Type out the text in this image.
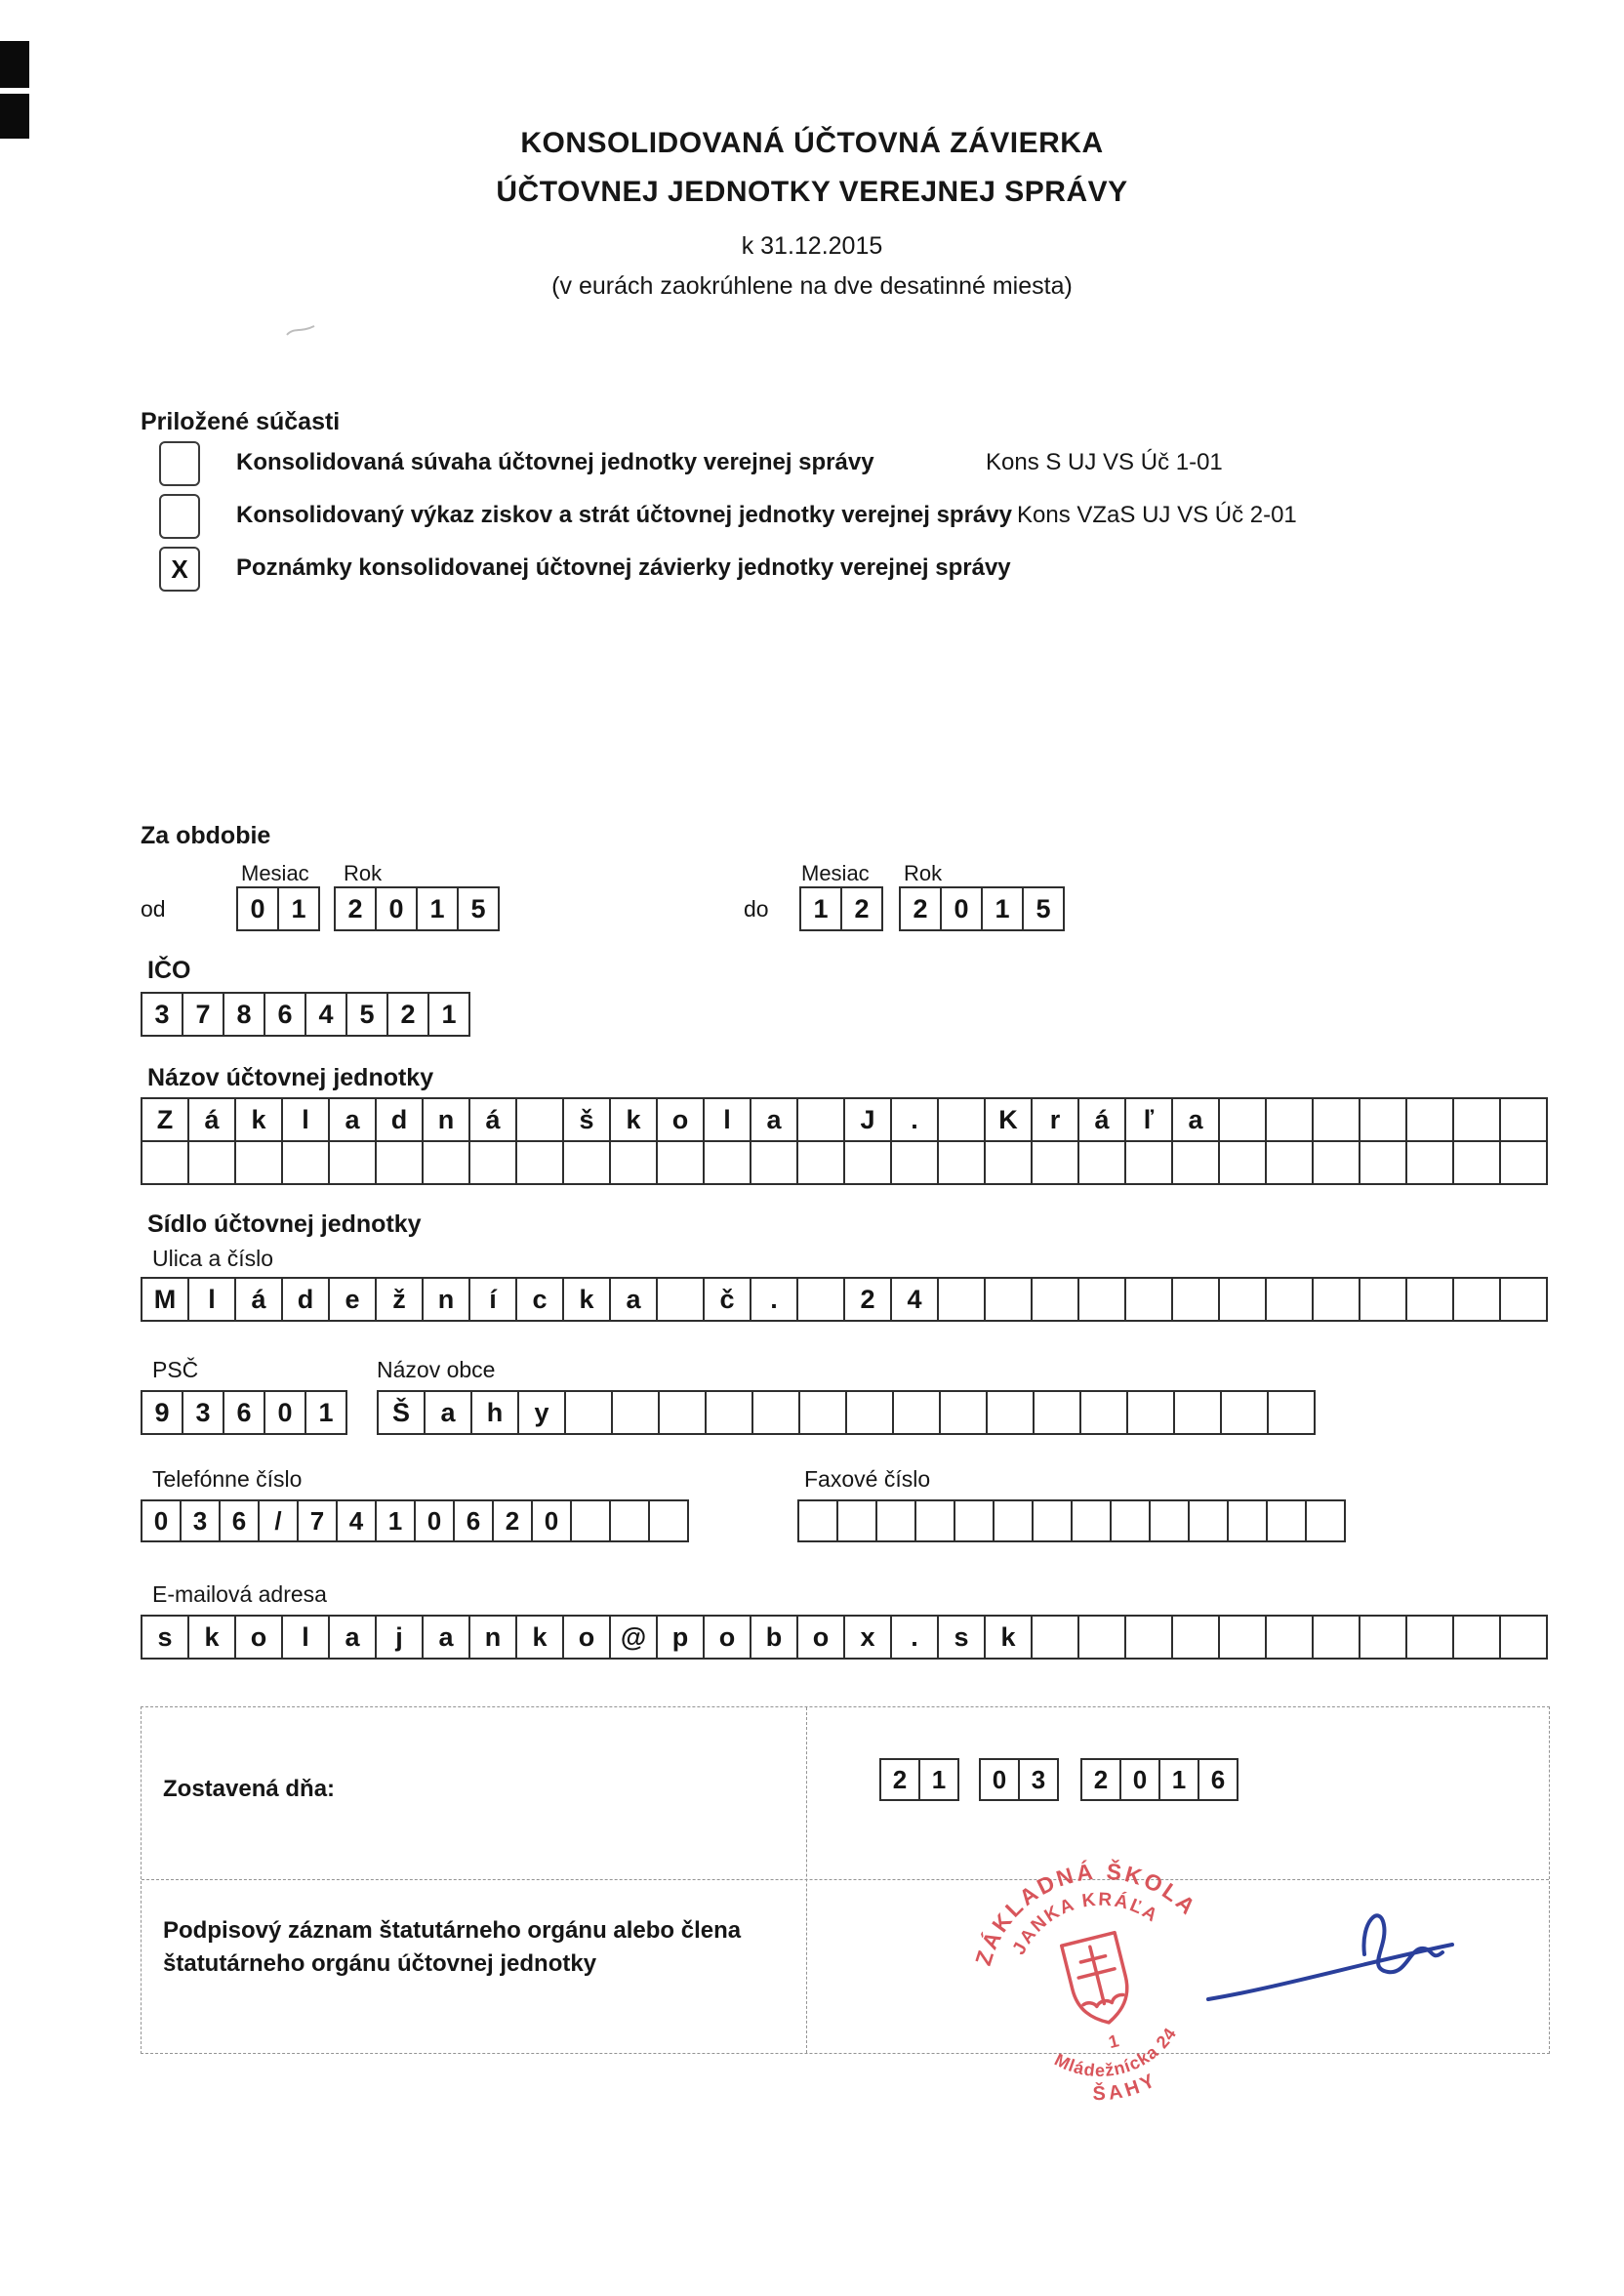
KONSOLIDOVANÁ ÚČTOVNÁ ZÁVIERKA
ÚČTOVNEJ JEDNOTKY VEREJNEJ SPRÁVY
k 31.12.2015
(v eurách zaokrúhlene na dve desatinné miesta)
Priložené súčasti
Konsolidovaná súvaha účtovnej jednotky verejnej správy	Kons S UJ VS Úč 1-01
Konsolidovaný výkaz ziskov a strát účtovnej jednotky verejnej správy Kons VZaS UJ VS Úč 2-01
X	Poznámky konsolidovanej účtovnej závierky jednotky verejnej správy
Za obdobie
Mesiac Rok
od	0 1	2 0 1 5
Mesiac Rok
do	1 2	2 0 1 5
IČO
3 7 8 6 4 5 2 1
Názov účtovnej jednotky
Z	á	k	l	a	d	n	á	š	k	o	l	a	J	.	K	r	á	ľ	a
Sídlo účtovnej jednotky
Ulica a číslo
M	l	á	d	e	ž	n	í	c	k	a	č	.	2	4
PSČ	Názov obce
9 3 6 0 1	Š	a	h	y
Telefónne číslo	Faxové číslo
0 3 6	/	7 4 1 0 6 2 0
E-mailová adresa
s	k	o	l	a	j	a	n	k	o @ p	o	b	o	x	.	s	k
Zostavená dňa:	2 1	0 3	2 0 1 6
Podpisový záznam štatutárneho orgánu alebo člena štatutárneho orgánu účtovnej jednotky	ZÁKLADNÁ ŠKOLA
JANKA KRÁĽA
Mládežnícka 24
ŠAHY
1
